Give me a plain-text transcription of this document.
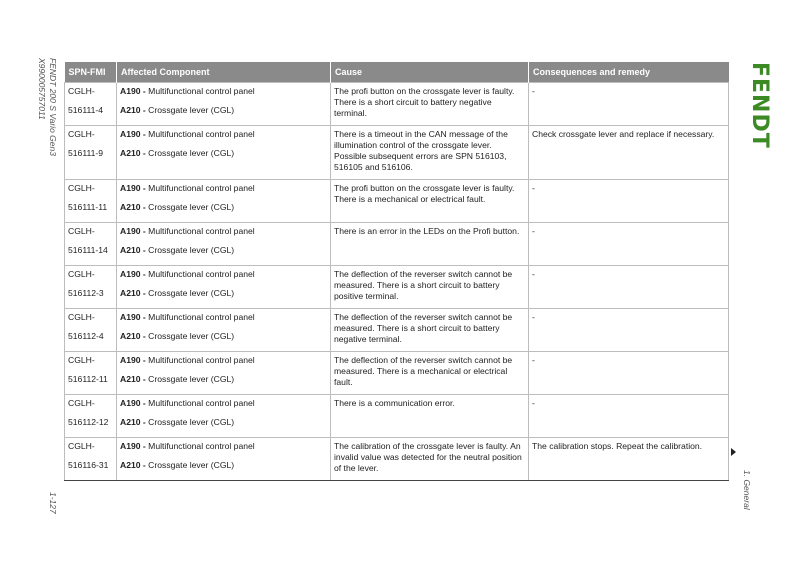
FENDT 200 S Vario Gen3
X990005757011
1-127
SPN-FMI	Affected Component	Cause	Consequences and remedy

CGLH-
516111-4	A190 - Multifunctional control panel
A210 - Crossgate lever (CGL)	The profi button on the crossgate lever is faulty. There is a short circuit to battery negative terminal.	-

CGLH-
516111-9	A190 - Multifunctional control panel
A210 - Crossgate lever (CGL)	There is a timeout in the CAN message of the illumination control of the crossgate lever. Possible subsequent errors are SPN 516103, 516105 and 516106.	Check crossgate lever and replace if necessary.

CGLH-
516111-11	A190 - Multifunctional control panel
A210 - Crossgate lever (CGL)	The profi button on the crossgate lever is faulty. There is a mechanical or electrical fault.	-

CGLH-
516111-14	A190 - Multifunctional control panel
A210 - Crossgate lever (CGL)	There is an error in the LEDs on the Profi button.	-

CGLH-
516112-3	A190 - Multifunctional control panel
A210 - Crossgate lever (CGL)	The deflection of the reverser switch cannot be measured. There is a short circuit to battery positive terminal.	-

CGLH-
516112-4	A190 - Multifunctional control panel
A210 - Crossgate lever (CGL)	The deflection of the reverser switch cannot be measured. There is a short circuit to battery negative terminal.	-

CGLH-
516112-11	A190 - Multifunctional control panel
A210 - Crossgate lever (CGL)	The deflection of the reverser switch cannot be measured. There is a mechanical or electrical fault.	-

CGLH-
516112-12	A190 - Multifunctional control panel
A210 - Crossgate lever (CGL)	There is a communication error.	-

CGLH-
516116-31	A190 - Multifunctional control panel
A210 - Crossgate lever (CGL)	The calibration of the crossgate lever is faulty. An invalid value was detected for the neutral position of the lever.	The calibration stops. Repeat the calibration.
FENDT
1. General
